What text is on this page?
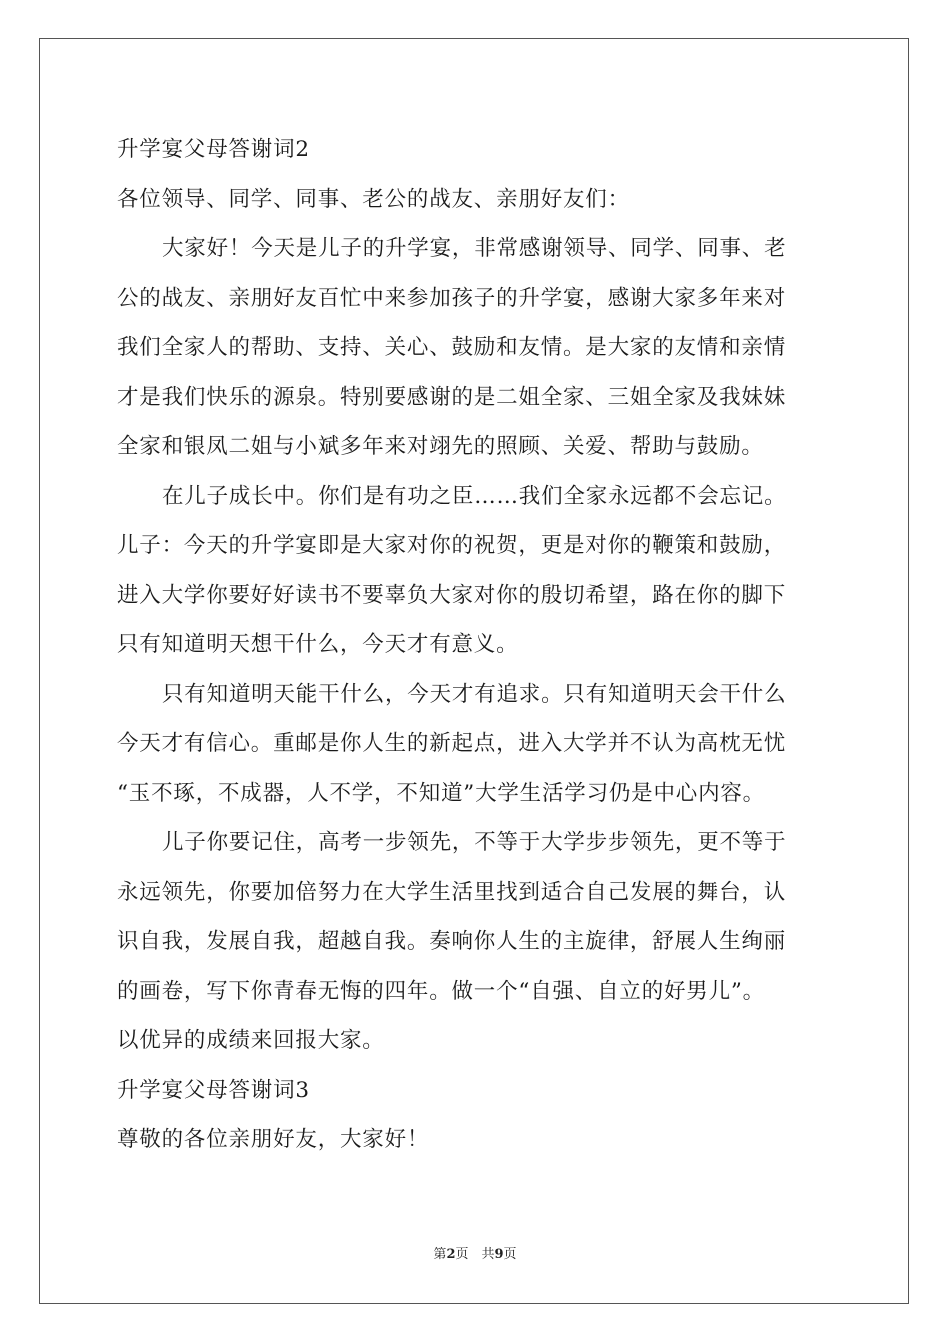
升学宴父母答谢词2
各位领导、同学、同事、老公的战友、亲朋好友们：
大家好！今天是儿子的升学宴，非常感谢领导、同学、同事、老
公的战友、亲朋好友百忙中来参加孩子的升学宴，感谢大家多年来对
我们全家人的帮助、支持、关心、鼓励和友情。是大家的友情和亲情
才是我们快乐的源泉。特别要感谢的是二姐全家、三姐全家及我妹妹
全家和银凤二姐与小斌多年来对翊先的照顾、关爱、帮助与鼓励。
在儿子成长中。你们是有功之臣……我们全家永远都不会忘记。
儿子：今天的升学宴即是大家对你的祝贺，更是对你的鞭策和鼓励，
进入大学你要好好读书不要辜负大家对你的殷切希望，路在你的脚下
只有知道明天想干什么，今天才有意义。
只有知道明天能干什么，今天才有追求。只有知道明天会干什么
今天才有信心。重邮是你人生的新起点，进入大学并不认为高枕无忧
“玉不琢，不成器，人不学，不知道”大学生活学习仍是中心内容。
儿子你要记住，高考一步领先，不等于大学步步领先，更不等于
永远领先，你要加倍努力在大学生活里找到适合自己发展的舞台，认
识自我，发展自我，超越自我。奏响你人生的主旋律，舒展人生绚丽
的画卷，写下你青春无悔的四年。做一个“自强、自立的好男儿”。
以优异的成绩来回报大家。
升学宴父母答谢词3
尊敬的各位亲朋好友，大家好！
第2页　共9页
